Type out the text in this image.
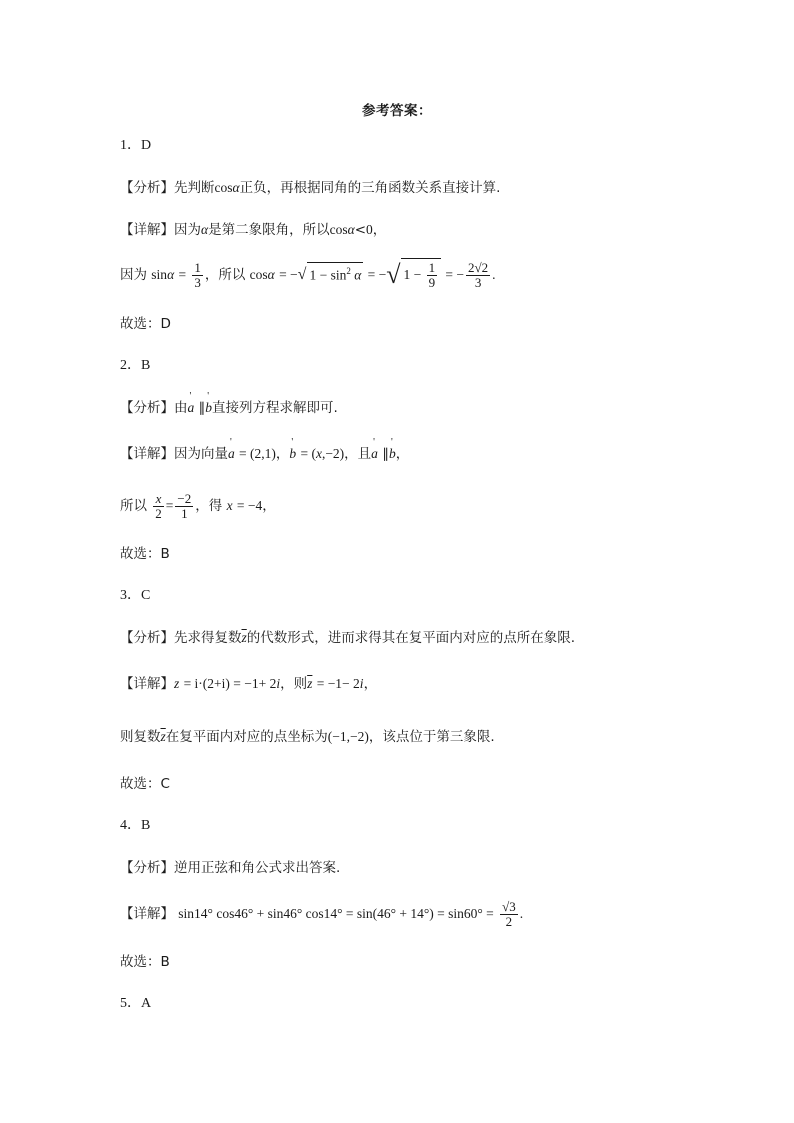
参考答案：
1．D
【分析】先判断cosα正负，再根据同角的三角函数关系直接计算.
【详解】因为α是第二象限角，所以cosα<0，
因为 $\sin\alpha = \frac{1}{3}$ ，所以 cosα = −√ $1 - \sin^2 \alpha$ = −√ $1 - \frac{1}{9}$ = − $\frac{2√2}{3}$ .
故选：D
2．B
【分析】由' a ∥' b直接列方程求解即可.
【详解】因为向量' a = (2,1)，' b = (x,−2)，且' a ∥' b，
所以 $\frac{x}{2} = \frac{-2}{1}$ ，得 x = −4，
故选：B
3．C
【分析】先求得复数$\overline{z}$的代数形式，进而求得其在复平面内对应的点所在象限.
【详解】z = i·(2+i) = −1+ 2i，则$\overline{z} = -1- 2i$，
则复数$\overline{z}$在复平面内对应的点坐标为(−1,−2)，该点位于第三象限.
故选：C
4．B
【分析】逆用正弦和角公式求出答案.
【详解】 sin14° cos46° + sin46° $\cos 14^\circ = \sin(46^\circ + 14^\circ) = \sin 60^\circ = \frac{√3}{2}$ .
故选：B
5．A
